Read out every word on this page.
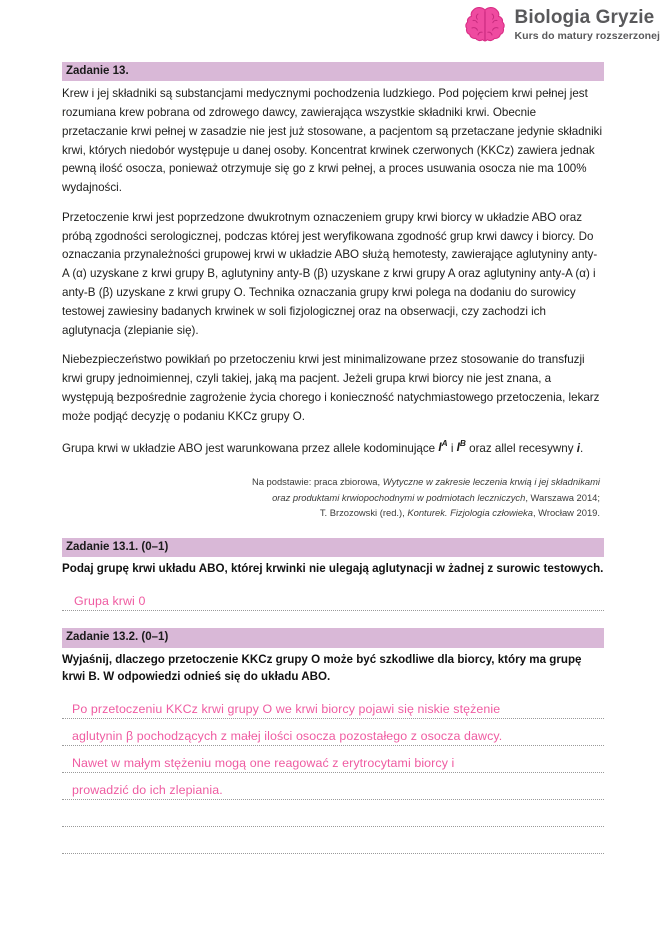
Biologia Gryzie
Kurs do matury rozszerzonej
Zadanie 13.

Krew i jej składniki są substancjami medycznymi pochodzenia ludzkiego. Pod pojęciem krwi pełnej jest rozumiana krew pobrana od zdrowego dawcy, zawierająca wszystkie składniki krwi. Obecnie przetaczanie krwi pełnej w zasadzie nie jest już stosowane, a pacjentom są przetaczane jedynie składniki krwi, których niedobór występuje u danej osoby. Koncentrat krwinek czerwonych (KKCz) zawiera jednak pewną ilość osocza, ponieważ otrzymuje się go z krwi pełnej, a proces usuwania osocza nie ma 100% wydajności.

Przetoczenie krwi jest poprzedzone dwukrotnym oznaczeniem grupy krwi biorcy w układzie ABO oraz próbą zgodności serologicznej, podczas której jest weryfikowana zgodność grup krwi dawcy i biorcy. Do oznaczania przynależności grupowej krwi w układzie ABO służą hemotesty, zawierające aglutyniny anty-A (α) uzyskane z krwi grupy B, aglutyniny anty-B (β) uzyskane z krwi grupy A oraz aglutyniny anty-A (α) i anty-B (β) uzyskane z krwi grupy O. Technika oznaczania grupy krwi polega na dodaniu do surowicy testowej zawiesiny badanych krwinek w soli fizjologicznej oraz na obserwacji, czy zachodzi ich aglutynacja (zlepianie się).

Niebezpieczeństwo powikłań po przetoczeniu krwi jest minimalizowane przez stosowanie do transfuzji krwi grupy jednoimiennej, czyli takiej, jaką ma pacjent. Jeżeli grupa krwi biorcy nie jest znana, a występują bezpośrednie zagrożenie życia chorego i konieczność natychmiastowego przetoczenia, lekarz może podjąć decyzję o podaniu KKCz grupy O.

Grupa krwi w układzie ABO jest warunkowana przez allele kodominujące $I^A$ i $I^B$ oraz allel recesywny i.

Na podstawie: praca zbiorowa, Wytyczne w zakresie leczenia krwią i jej składnikami
oraz produktami krwiopochodnymi w podmiotach leczniczych, Warszawa 2014;
T. Brzozowski (red.), Konturek. Fizjologia człowieka, Wrocław 2019.
Zadanie 13.1. (0–1)
Podaj grupę krwi układu ABO, której krwinki nie ulegają aglutynacji w żadnej z surowic testowych.
Grupa krwi 0
Zadanie 13.2. (0–1)
Wyjaśnij, dlaczego przetoczenie KKCz grupy O może być szkodliwe dla biorcy, który ma grupę krwi B. W odpowiedzi odnieś się do układu ABO.
Po przetoczeniu KKCz krwi grupy O we krwi biorcy pojawi się niskie stężenie
aglutynin β pochodzących z małej ilości osocza pozostałego z osocza dawcy.
Nawet w małym stężeniu mogą one reagować z erytrocytami biorcy i
prowadzić do ich zlepiania.
